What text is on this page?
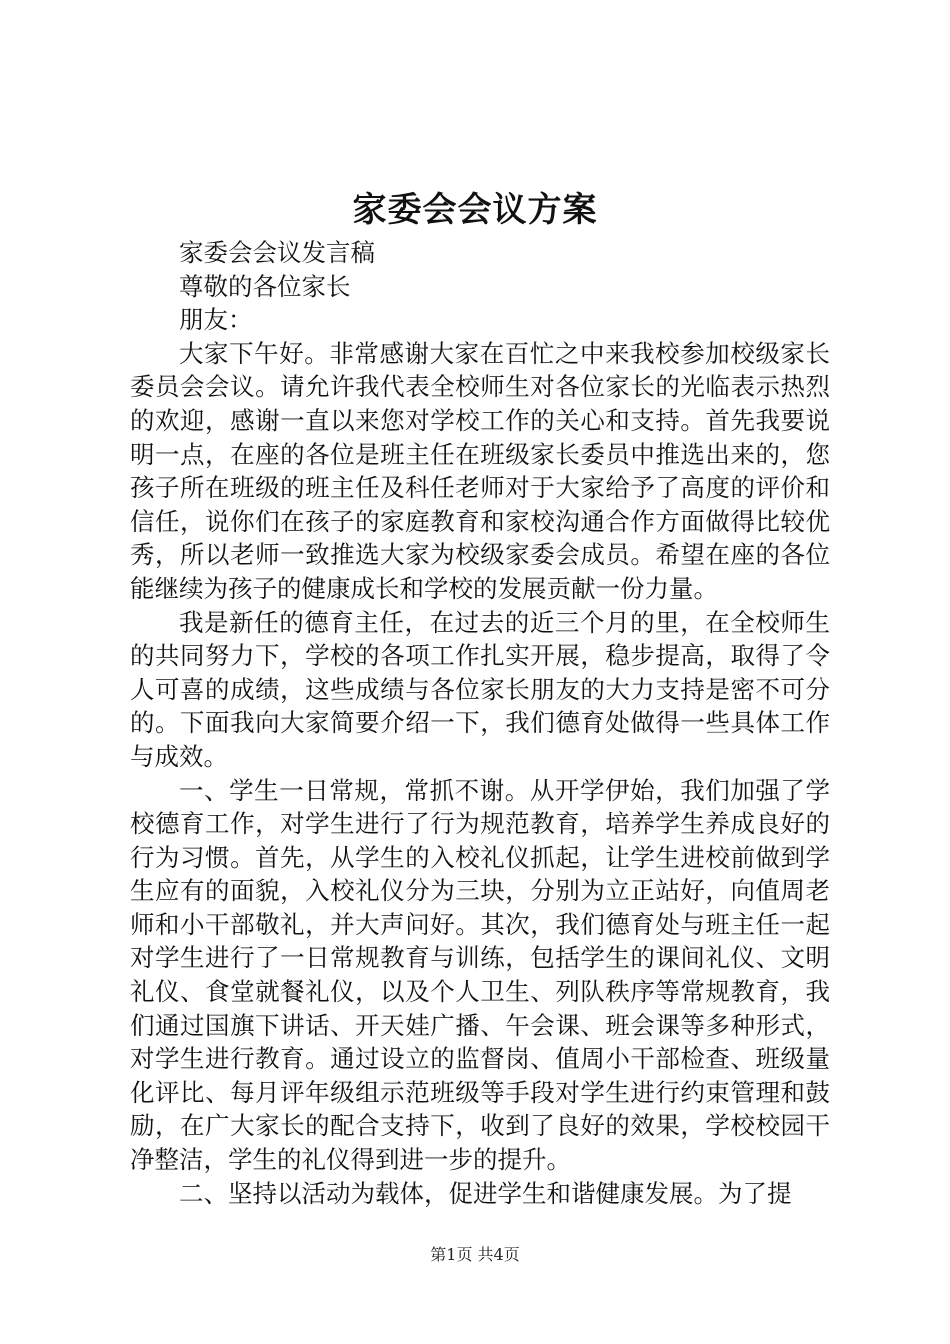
家委会会议方案

家委会会议发言稿

尊敬的各位家长

朋友：

大家下午好。非常感谢大家在百忙之中来我校参加校级家长委员会会议。请允许我代表全校师生对各位家长的光临表示热烈的欢迎，感谢一直以来您对学校工作的关心和支持。首先我要说明一点，在座的各位是班主任在班级家长委员中推选出来的，您孩子所在班级的班主任及科任老师对于大家给予了高度的评价和信任，说你们在孩子的家庭教育和家校沟通合作方面做得比较优秀，所以老师一致推选大家为校级家委会成员。希望在座的各位能继续为孩子的健康成长和学校的发展贡献一份力量。

我是新任的德育主任，在过去的近三个月的里，在全校师生的共同努力下，学校的各项工作扎实开展，稳步提高，取得了令人可喜的成绩，这些成绩与各位家长朋友的大力支持是密不可分的。下面我向大家简要介绍一下，我们德育处做得一些具体工作与成效。

一、学生一日常规，常抓不谢。从开学伊始，我们加强了学校德育工作，对学生进行了行为规范教育，培养学生养成良好的行为习惯。首先，从学生的入校礼仪抓起，让学生进校前做到学生应有的面貌，入校礼仪分为三块，分别为立正站好，向值周老师和小干部敬礼，并大声问好。其次，我们德育处与班主任一起对学生进行了一日常规教育与训练，包括学生的课间礼仪、文明礼仪、食堂就餐礼仪，以及个人卫生、列队秩序等常规教育，我们通过国旗下讲话、开天娃广播、午会课、班会课等多种形式，对学生进行教育。通过设立的监督岗、值周小干部检查、班级量化评比、每月评年级组示范班级等手段对学生进行约束管理和鼓励，在广大家长的配合支持下，收到了良好的效果，学校校园干净整洁，学生的礼仪得到进一步的提升。

二、坚持以活动为载体，促进学生和谐健康发展。为了提

第1页 共4页
